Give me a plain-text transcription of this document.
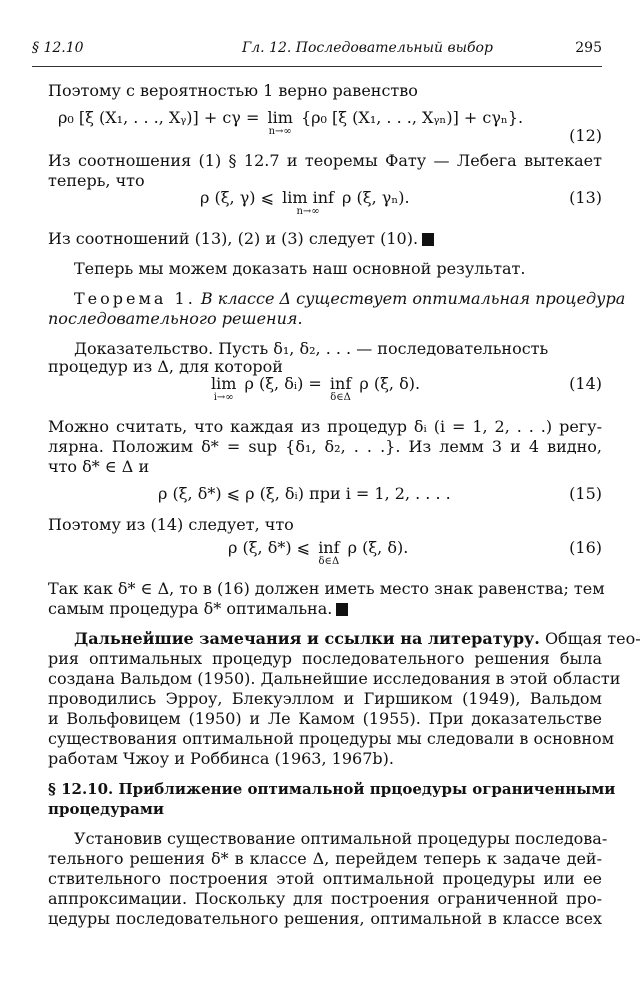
§ 12.10	Гл. 12. Последовательный выбор	295
Поэтому с вероятностью 1 верно равенство
ρ₀ [ξ (X₁, . . ., Xᵧ)] + cγ = lim
n→∞
{ρ₀ [ξ (X₁, . . ., Xᵧₙ)] + cγₙ}.
(12)
Из соотношения (1) § 12.7 и теоремы Фату — Лебега вытекает
теперь, что
ρ (ξ, γ) ⩽ lim inf
n→∞
ρ (ξ, γₙ).	(13)
Из соотношений (13), (2) и (3) следует (10).
Теперь мы можем доказать наш основной результат.
Теорема 1. В классе Δ существует оптимальная процедура
последовательного решения.
Доказательство. Пусть δ₁, δ₂, . . . — последовательность
процедур из Δ, для которой
lim
i→∞
ρ (ξ, δᵢ) = inf
δ∈Δ
ρ (ξ, δ).	(14)
Можно считать, что каждая из процедур δᵢ (i = 1, 2, . . .) регу-
лярна. Положим δ* = sup {δ₁, δ₂, . . .}. Из лемм 3 и 4 видно,
что δ* ∈ Δ и
ρ (ξ, δ*) ⩽ ρ (ξ, δᵢ) при i = 1, 2, . . . .	(15)
Поэтому из (14) следует, что
ρ (ξ, δ*) ⩽ inf
δ∈Δ
ρ (ξ, δ).	(16)
Так как δ* ∈ Δ, то в (16) должен иметь место знак равенства; тем
самым процедура δ* оптимальна.
Дальнейшие замечания и ссылки на литературу. Общая тео-
рия оптимальных процедур последовательного решения была
создана Вальдом (1950). Дальнейшие исследования в этой области
проводились Эрроу, Блекуэллом и Гиршиком (1949), Вальдом
и Вольфовицем (1950) и Ле Камом (1955). При доказательстве
существования оптимальной процедуры мы следовали в основном
работам Чжоу и Роббинса (1963, 1967b).
§ 12.10. Приближение оптимальной прцоедуры ограниченными
процедурами
Установив существование оптимальной процедуры последова-
тельного решения δ* в классе Δ, перейдем теперь к задаче дей-
ствительного построения этой оптимальной процедуры или ее
аппроксимации. Поскольку для построения ограниченной про-
цедуры последовательного решения, оптимальной в классе всех
